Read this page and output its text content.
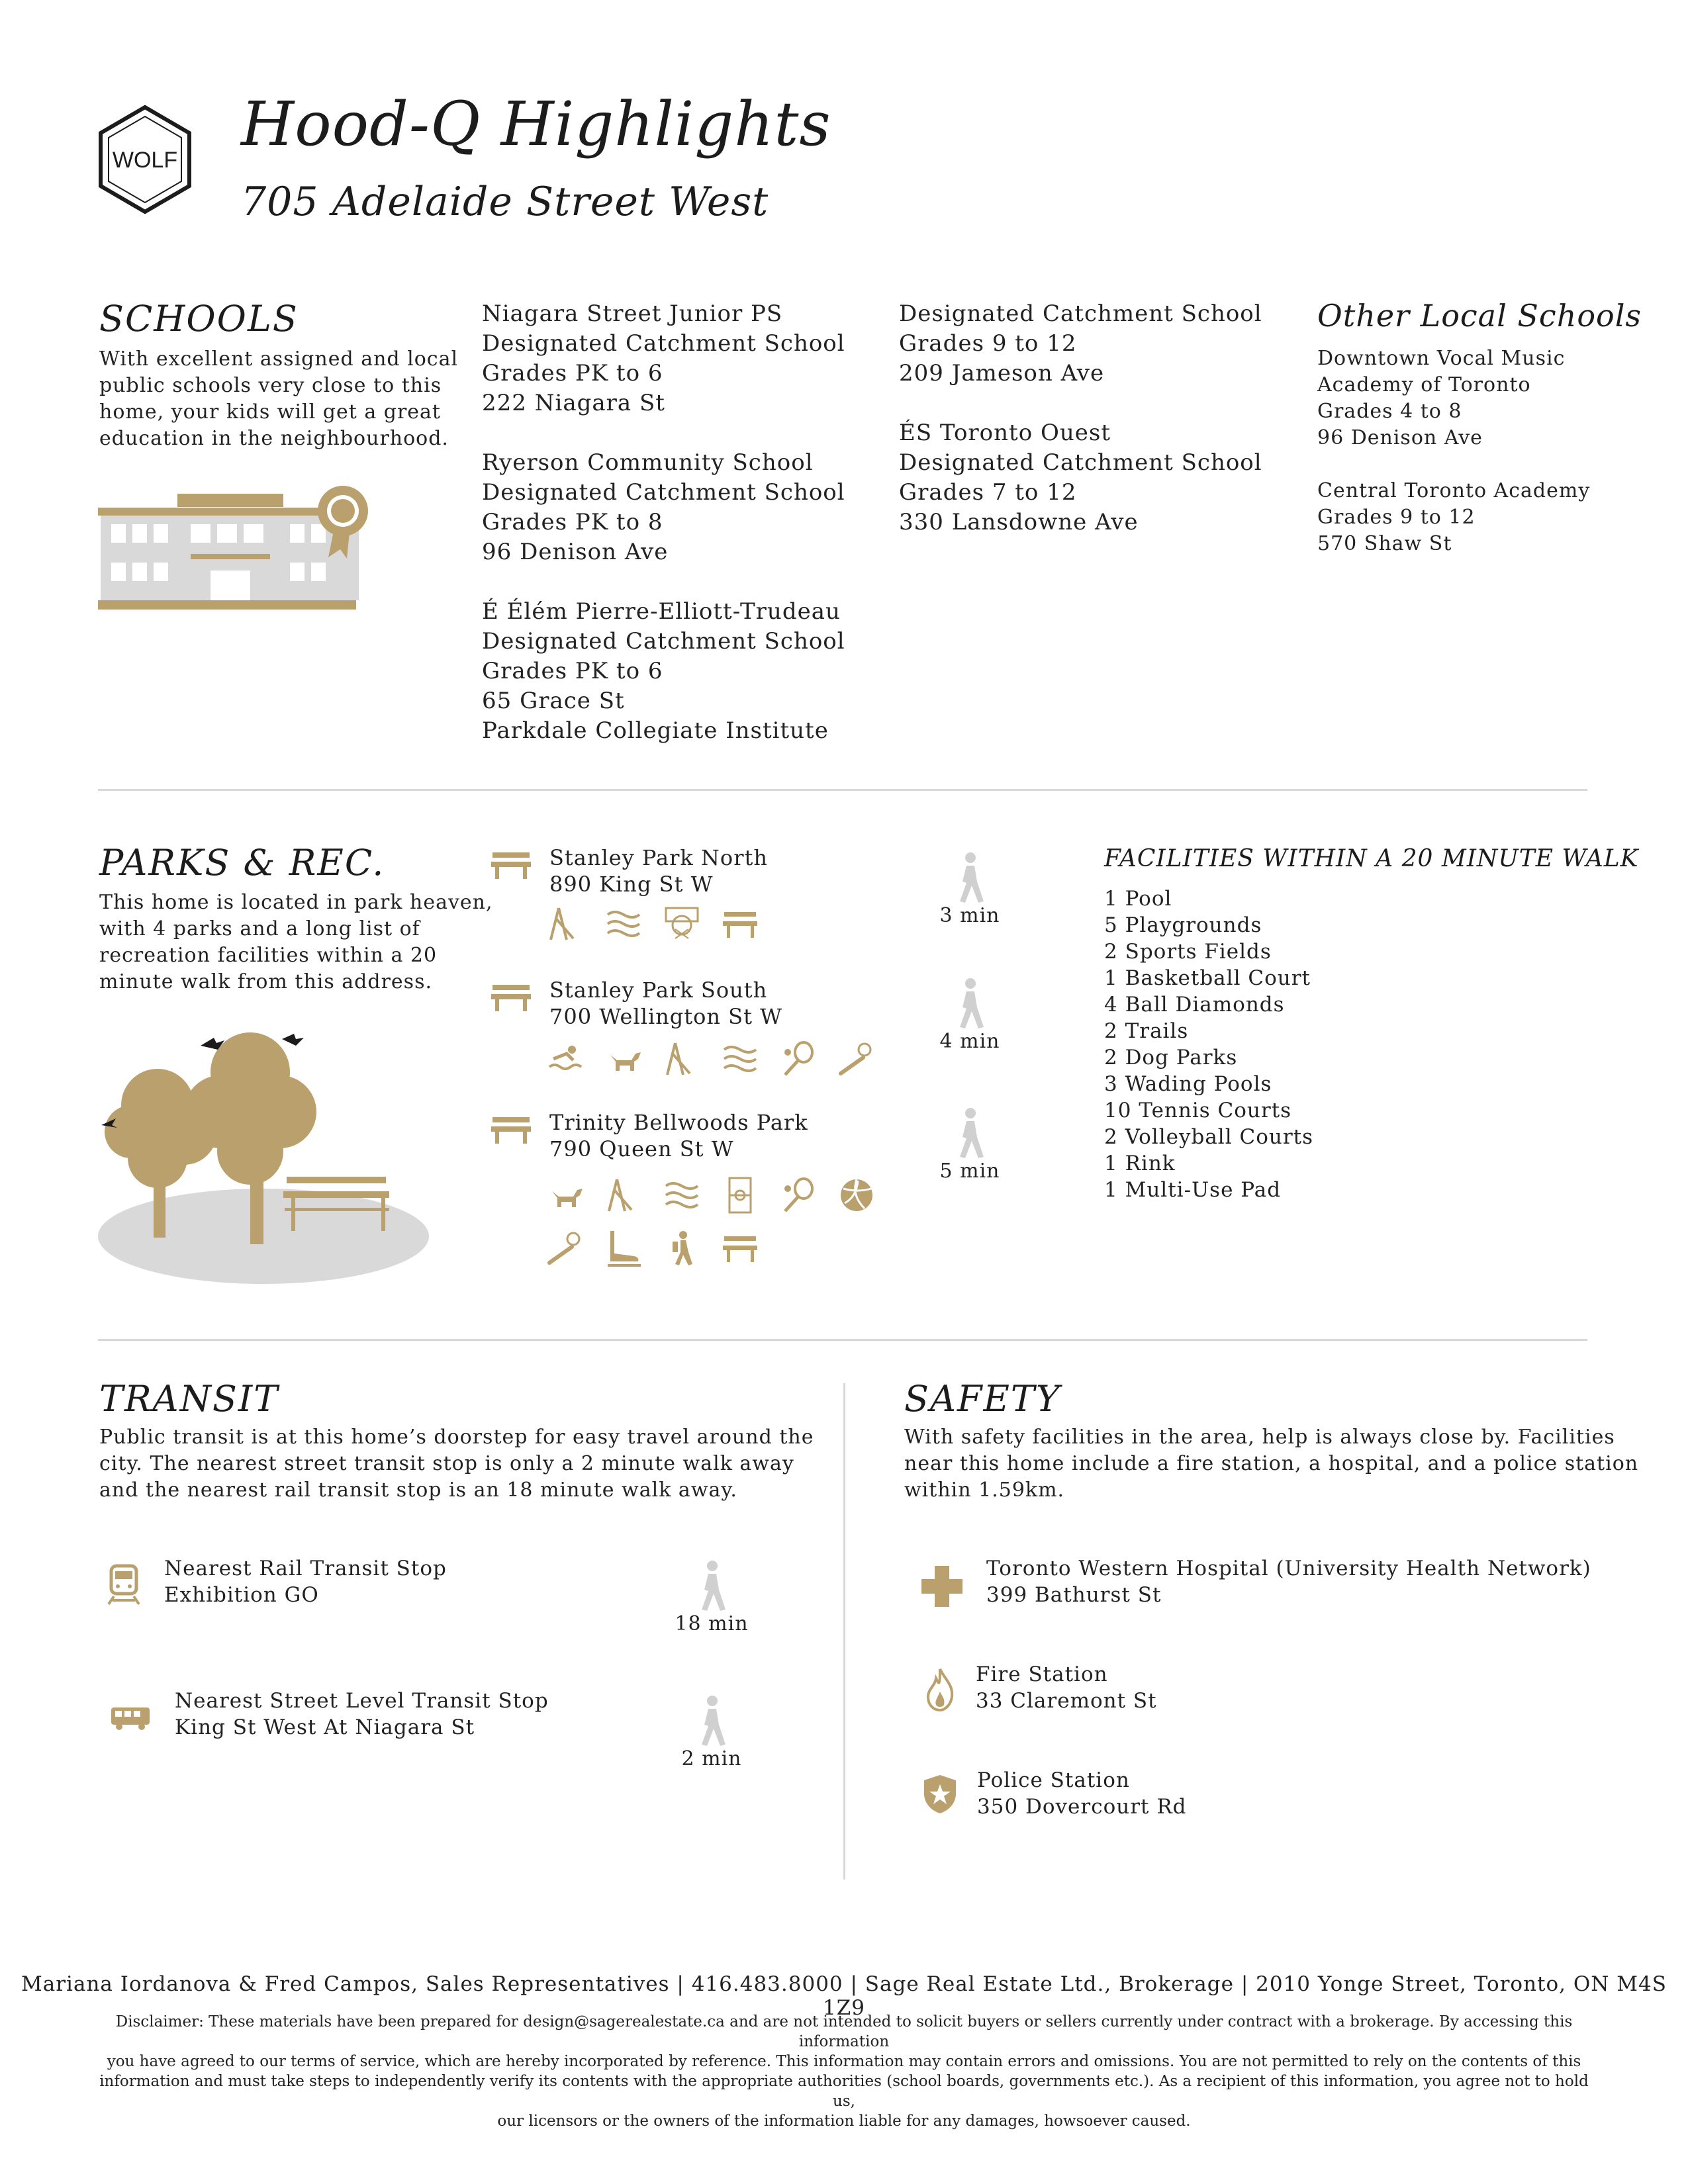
WOLF
Hood-Q Highlights
705 Adelaide Street West
SCHOOLS
With excellent assigned and local
public schools very close to this
home, your kids will get a great
education in the neighbourhood.
Niagara Street Junior PS
Designated Catchment School
Grades PK to 6
222 Niagara St
Ryerson Community School
Designated Catchment School
Grades PK to 8
96 Denison Ave
É Élém Pierre-Elliott-Trudeau
Designated Catchment School
Grades PK to 6
65 Grace St
Parkdale Collegiate Institute
Designated Catchment School
Grades 9 to 12
209 Jameson Ave
ÉS Toronto Ouest
Designated Catchment School
Grades 7 to 12
330 Lansdowne Ave
Other Local Schools
Downtown Vocal Music
Academy of Toronto
Grades 4 to 8
96 Denison Ave
Central Toronto Academy
Grades 9 to 12
570 Shaw St
PARKS & REC.
This home is located in park heaven,
with 4 parks and a long list of
recreation facilities within a 20
minute walk from this address.
Stanley Park North
890 King St W
Stanley Park South
700 Wellington St W
Trinity Bellwoods Park
790 Queen St W
3 min
4 min
5 min
FACILITIES WITHIN A 20 MINUTE WALK
1 Pool
5 Playgrounds
2 Sports Fields
1 Basketball Court
4 Ball Diamonds
2 Trails
2 Dog Parks
3 Wading Pools
10 Tennis Courts
2 Volleyball Courts
1 Rink
1 Multi-Use Pad
TRANSIT
Public transit is at this home’s doorstep for easy travel around the
city. The nearest street transit stop is only a 2 minute walk away
and the nearest rail transit stop is an 18 minute walk away.
Nearest Rail Transit Stop
Exhibition GO
18 min
Nearest Street Level Transit Stop
King St West At Niagara St
2 min
SAFETY
With safety facilities in the area, help is always close by. Facilities
near this home include a fire station, a hospital, and a police station
within 1.59km.
Toronto Western Hospital (University Health Network)
399 Bathurst St
Fire Station
33 Claremont St
Police Station
350 Dovercourt Rd
Mariana Iordanova & Fred Campos, Sales Representatives | 416.483.8000 | Sage Real Estate Ltd., Brokerage | 2010 Yonge Street, Toronto, ON M4S 1Z9
Disclaimer: These materials have been prepared for design@sagerealestate.ca and are not intended to solicit buyers or sellers currently under contract with a brokerage. By accessing this information
you have agreed to our terms of service, which are hereby incorporated by reference. This information may contain errors and omissions. You are not permitted to rely on the contents of this
information and must take steps to independently verify its contents with the appropriate authorities (school boards, governments etc.). As a recipient of this information, you agree not to hold us,
our licensors or the owners of the information liable for any damages, howsoever caused.
